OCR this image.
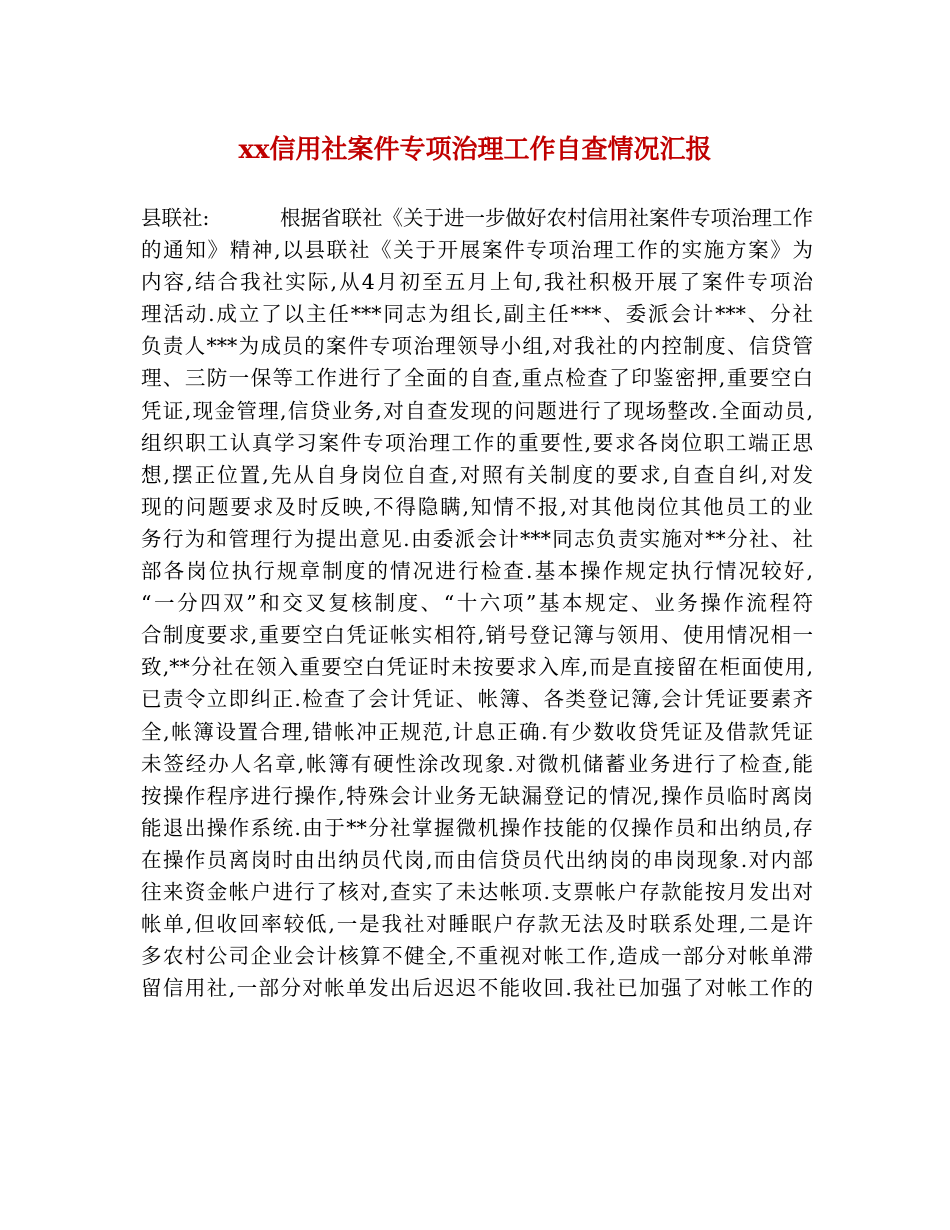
xx信用社案件专项治理工作自查情况汇报
县联社:	根据省联社《关于进一步做好农村信用社案件专项治理工作
的通知》精神,以县联社《关于开展案件专项治理工作的实施方案》为
内容,结合我社实际,从4月初至五月上旬,我社积极开展了案件专项治
理活动.成立了以主任***同志为组长,副主任***、委派会计***、分社
负责人***为成员的案件专项治理领导小组,对我社的内控制度、信贷管
理、三防一保等工作进行了全面的自查,重点检查了印鉴密押,重要空白
凭证,现金管理,信贷业务,对自查发现的问题进行了现场整改.全面动员,
组织职工认真学习案件专项治理工作的重要性,要求各岗位职工端正思
想,摆正位置,先从自身岗位自查,对照有关制度的要求,自查自纠,对发
现的问题要求及时反映,不得隐瞒,知情不报,对其他岗位其他员工的业
务行为和管理行为提出意见.由委派会计***同志负责实施对**分社、社
部各岗位执行规章制度的情况进行检查.基本操作规定执行情况较好,
“一分四双”和交叉复核制度、“十六项”基本规定、业务操作流程符
合制度要求,重要空白凭证帐实相符,销号登记簿与领用、使用情况相一
致,**分社在领入重要空白凭证时未按要求入库,而是直接留在柜面使用,
已责令立即纠正.检查了会计凭证、帐簿、各类登记簿,会计凭证要素齐
全,帐簿设置合理,错帐冲正规范,计息正确.有少数收贷凭证及借款凭证
未签经办人名章,帐簿有硬性涂改现象.对微机储蓄业务进行了检查,能
按操作程序进行操作,特殊会计业务无缺漏登记的情况,操作员临时离岗
能退出操作系统.由于**分社掌握微机操作技能的仅操作员和出纳员,存
在操作员离岗时由出纳员代岗,而由信贷员代出纳岗的串岗现象.对内部
往来资金帐户进行了核对,查实了未达帐项.支票帐户存款能按月发出对
帐单,但收回率较低,一是我社对睡眠户存款无法及时联系处理,二是许
多农村公司企业会计核算不健全,不重视对帐工作,造成一部分对帐单滞
留信用社,一部分对帐单发出后迟迟不能收回.我社已加强了对帐工作的
